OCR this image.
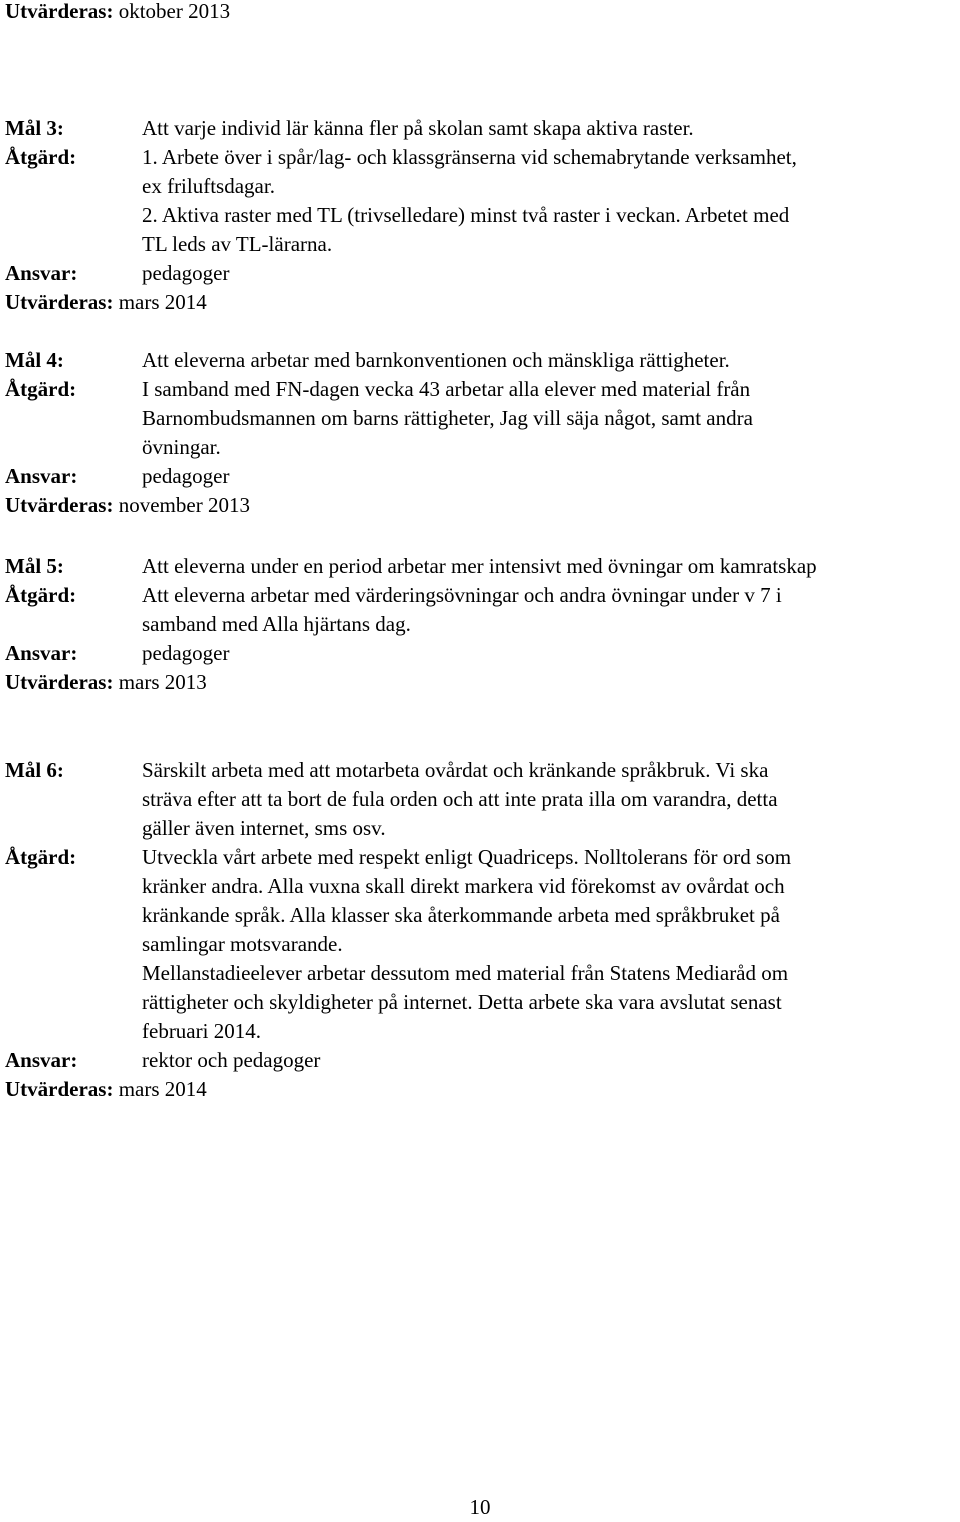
Utvärderas: oktober 2013
Mål 3:	Att varje individ lär känna fler på skolan samt skapa aktiva raster.
Åtgärd:	1. Arbete över i spår/lag- och klassgränserna vid schemabrytande verksamhet,

ex friluftsdagar.

2. Aktiva raster med TL (trivselledare) minst två raster i veckan. Arbetet med

TL leds av TL-lärarna.

Ansvar:	pedagoger
Utvärderas: mars 2014
Mål 4:	Att eleverna arbetar med barnkonventionen och mänskliga rättigheter.
Åtgärd:	I samband med FN-dagen vecka 43 arbetar alla elever med material från

Barnombudsmannen om barns rättigheter, Jag vill säja något, samt andra

övningar.

Ansvar:	pedagoger
Utvärderas: november 2013
Mål 5:	Att eleverna under en period arbetar mer intensivt med övningar om kamratskap
Åtgärd:	Att eleverna arbetar med värderingsövningar och andra övningar under v 7 i

samband med Alla hjärtans dag.

Ansvar:	pedagoger
Utvärderas: mars 2013
Mål 6:	Särskilt arbeta med att motarbeta ovårdat och kränkande språkbruk. Vi ska

sträva efter att ta bort de fula orden och att inte prata illa om varandra, detta

gäller även internet, sms osv.

Åtgärd:	Utveckla vårt arbete med respekt enligt Quadriceps. Nolltolerans för ord som

kränker andra. Alla vuxna skall direkt markera vid förekomst av ovårdat och

kränkande språk. Alla klasser ska återkommande arbeta med språkbruket på

samlingar motsvarande.

Mellanstadieelever arbetar dessutom med material från Statens Mediaråd om

rättigheter och skyldigheter på internet. Detta arbete ska vara avslutat senast

februari 2014.

Ansvar:	rektor och pedagoger
Utvärderas: mars 2014
10
